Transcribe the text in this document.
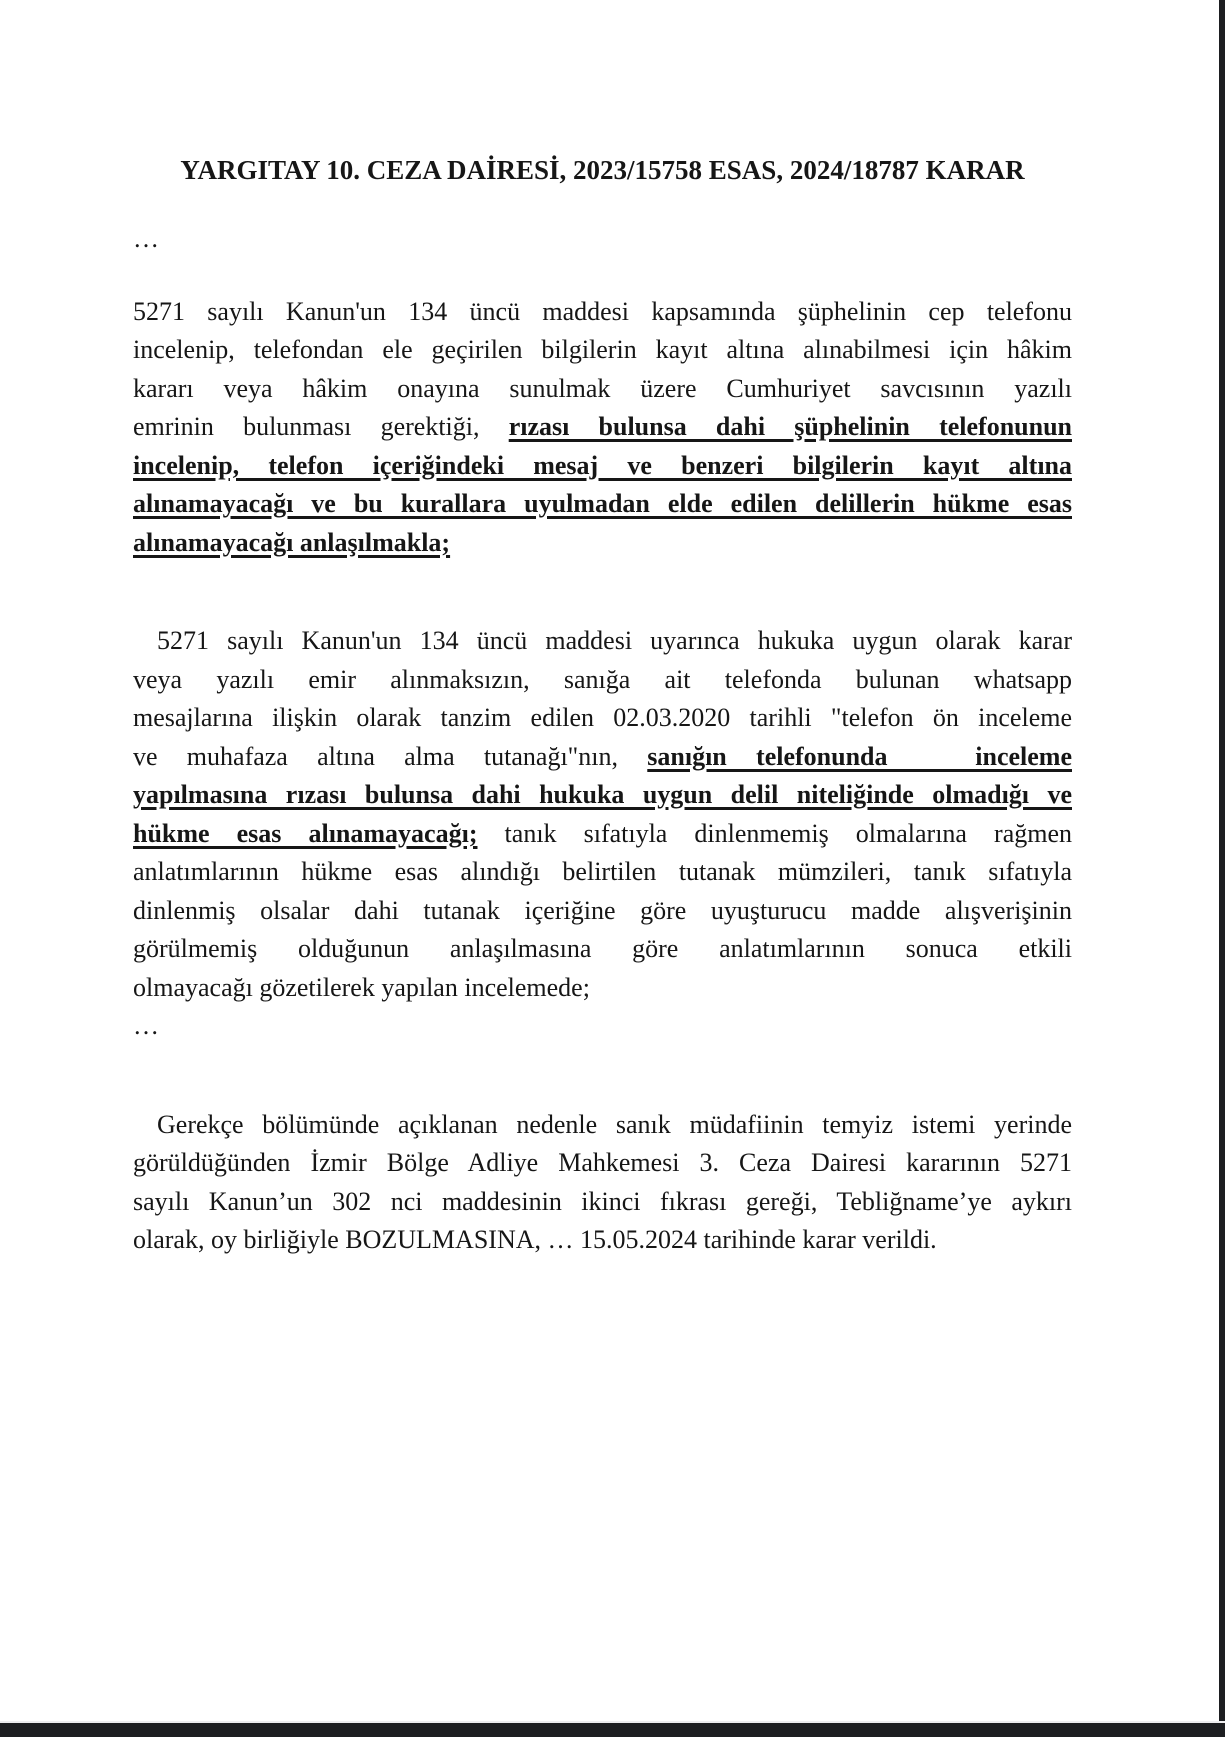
YARGITAY 10. CEZA DAİRESİ, 2023/15758 ESAS, 2024/18787 KARAR
…
5271 sayılı Kanun'un 134 üncü maddesi kapsamında şüphelinin cep telefonu
incelenip, telefondan ele geçirilen bilgilerin kayıt altına alınabilmesi için hâkim
kararı veya hâkim onayına sunulmak üzere Cumhuriyet savcısının yazılı
emrinin bulunması gerektiği, rızası bulunsa dahi şüphelinin telefonunun
incelenip, telefon içeriğindeki mesaj ve benzeri bilgilerin kayıt altına
alınamayacağı ve bu kurallara uyulmadan elde edilen delillerin hükme esas
alınamayacağı anlaşılmakla;
5271 sayılı Kanun'un 134 üncü maddesi uyarınca hukuka uygun olarak karar
veya yazılı emir alınmaksızın, sanığa ait telefonda bulunan whatsapp
mesajlarına ilişkin olarak tanzim edilen 02.03.2020 tarihli "telefon ön inceleme
ve muhafaza altına alma tutanağı"nın, sanığın telefonunda   inceleme
yapılmasına rızası bulunsa dahi hukuka uygun delil niteliğinde olmadığı ve
hükme esas alınamayacağı; tanık sıfatıyla dinlenmemiş olmalarına rağmen
anlatımlarının hükme esas alındığı belirtilen tutanak mümzileri, tanık sıfatıyla
dinlenmiş olsalar dahi tutanak içeriğine göre uyuşturucu madde alışverişinin
görülmemiş olduğunun anlaşılmasına göre anlatımlarının sonuca etkili
olmayacağı gözetilerek yapılan incelemede;
…
Gerekçe bölümünde açıklanan nedenle sanık müdafiinin temyiz istemi yerinde
görüldüğünden İzmir Bölge Adliye Mahkemesi 3. Ceza Dairesi kararının 5271
sayılı Kanun’un 302 nci maddesinin ikinci fıkrası gereği, Tebliğname’ye aykırı
olarak, oy birliğiyle BOZULMASINA, … 15.05.2024 tarihinde karar verildi.
